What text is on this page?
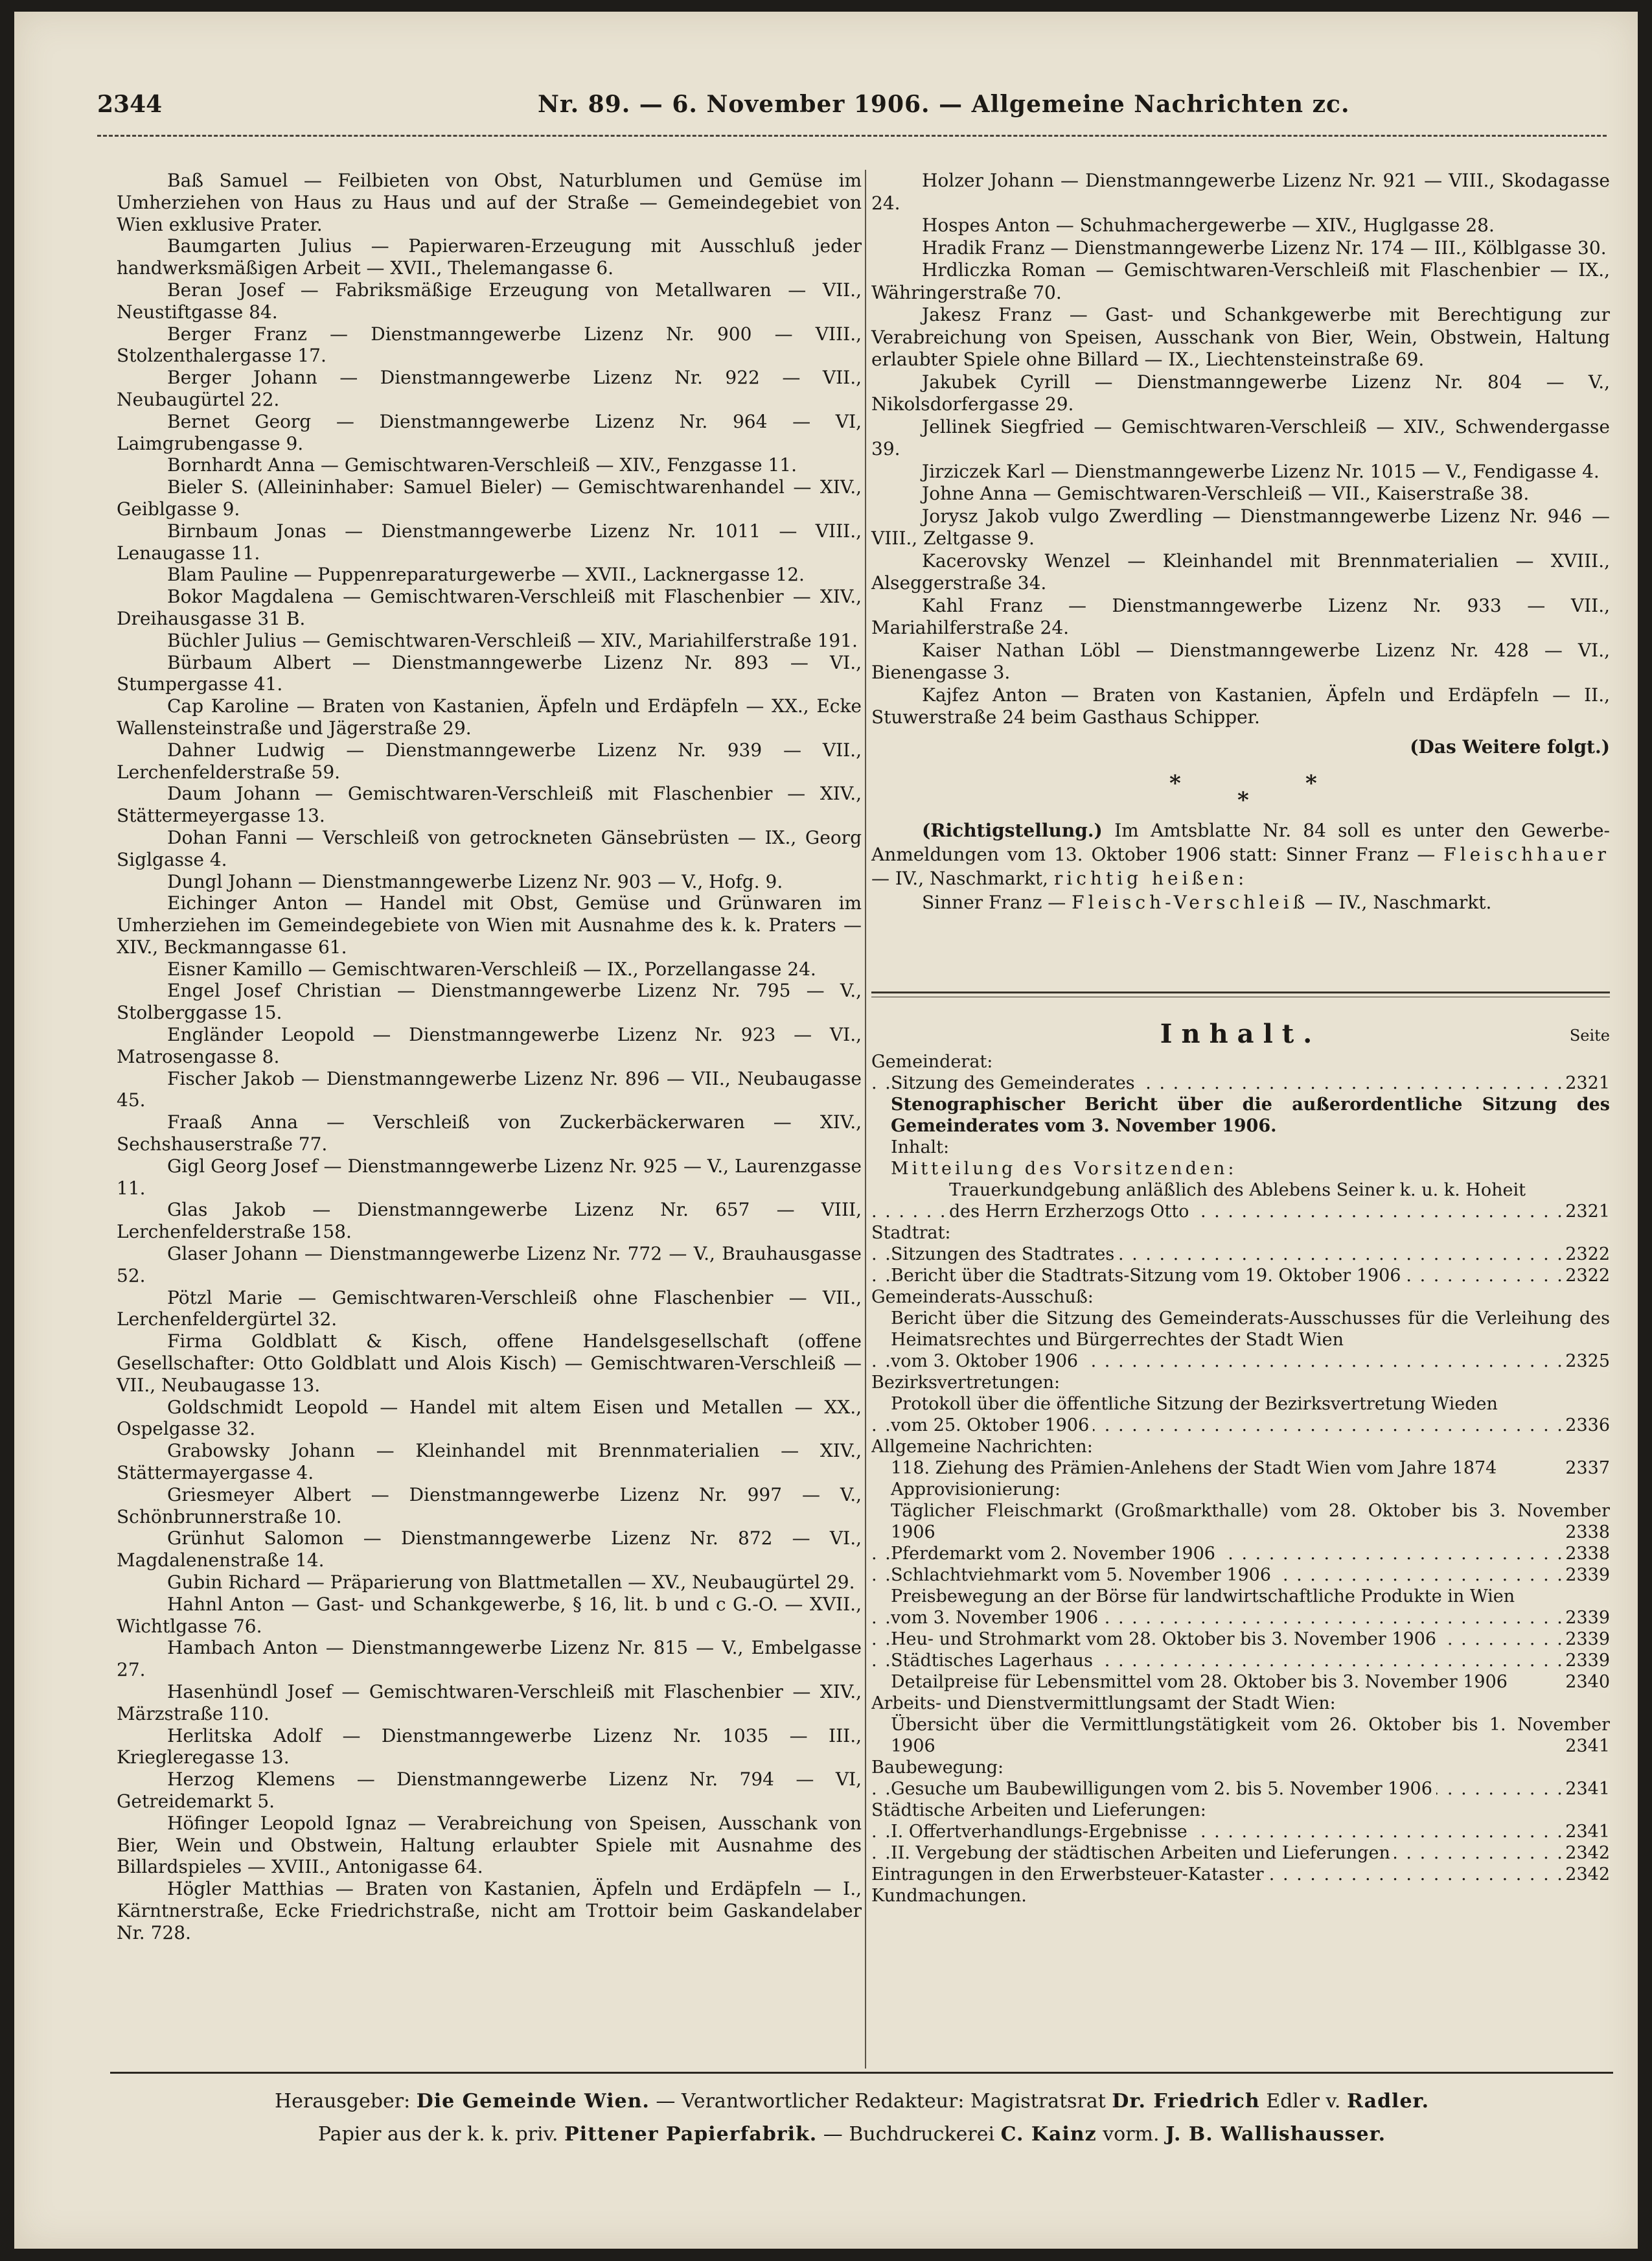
2344	Nr. 89. — 6. November 1906. — Allgemeine Nachrichten zc.

Baß Samuel — Feilbieten von Obst, Naturblumen und Gemüse im Umherziehen von Haus zu Haus und auf der Straße — Gemeindegebiet von Wien exklusive Prater.

Baumgarten Julius — Papierwaren-Erzeugung mit Ausschluß jeder handwerksmäßigen Arbeit — XVII., Thelemangasse 6.

Beran Josef — Fabriksmäßige Erzeugung von Metallwaren — VII., Neustiftgasse 84.

Berger Franz — Dienstmanngewerbe Lizenz Nr. 900 — VIII., Stolzenthalergasse 17.

Berger Johann — Dienstmanngewerbe Lizenz Nr. 922 — VII., Neubaugürtel 22.

Bernet Georg — Dienstmanngewerbe Lizenz Nr. 964 — VI, Laimgrubengasse 9.

Bornhardt Anna — Gemischtwaren-Verschleiß — XIV., Fenzgasse 11.

Bieler S. (Alleininhaber: Samuel Bieler) — Gemischtwarenhandel — XIV., Geiblgasse 9.

Birnbaum Jonas — Dienstmanngewerbe Lizenz Nr. 1011 — VIII., Lenaugasse 11.

Blam Pauline — Puppenreparaturgewerbe — XVII., Lacknergasse 12.

Bokor Magdalena — Gemischtwaren-Verschleiß mit Flaschenbier — XIV., Dreihausgasse 31 B.

Büchler Julius — Gemischtwaren-Verschleiß — XIV., Mariahilferstraße 191.

Bürbaum Albert — Dienstmanngewerbe Lizenz Nr. 893 — VI., Stumpergasse 41.

Cap Karoline — Braten von Kastanien, Äpfeln und Erdäpfeln — XX., Ecke Wallensteinstraße und Jägerstraße 29.

Dahner Ludwig — Dienstmanngewerbe Lizenz Nr. 939 — VII., Lerchenfelderstraße 59.

Daum Johann — Gemischtwaren-Verschleiß mit Flaschenbier — XIV., Stättermeyergasse 13.

Dohan Fanni — Verschleiß von getrockneten Gänsebrüsten — IX., Georg Siglgasse 4.

Dungl Johann — Dienstmanngewerbe Lizenz Nr. 903 — V., Hofg. 9.

Eichinger Anton — Handel mit Obst, Gemüse und Grünwaren im Umherziehen im Gemeindegebiete von Wien mit Ausnahme des k. k. Praters — XIV., Beckmanngasse 61.

Eisner Kamillo — Gemischtwaren-Verschleiß — IX., Porzellangasse 24.

Engel Josef Christian — Dienstmanngewerbe Lizenz Nr. 795 — V., Stolberggasse 15.

Engländer Leopold — Dienstmanngewerbe Lizenz Nr. 923 — VI., Matrosengasse 8.

Fischer Jakob — Dienstmanngewerbe Lizenz Nr. 896 — VII., Neubaugasse 45.

Fraaß Anna — Verschleiß von Zuckerbäckerwaren — XIV., Sechshauserstraße 77.

Gigl Georg Josef — Dienstmanngewerbe Lizenz Nr. 925 — V., Laurenzgasse 11.

Glas Jakob — Dienstmanngewerbe Lizenz Nr. 657 — VIII, Lerchenfelderstraße 158.

Glaser Johann — Dienstmanngewerbe Lizenz Nr. 772 — V., Brauhausgasse 52.

Pötzl Marie — Gemischtwaren-Verschleiß ohne Flaschenbier — VII., Lerchenfeldergürtel 32.

Firma Goldblatt & Kisch, offene Handelsgesellschaft (offene Gesellschafter: Otto Goldblatt und Alois Kisch) — Gemischtwaren-Verschleiß — VII., Neubaugasse 13.

Goldschmidt Leopold — Handel mit altem Eisen und Metallen — XX., Ospelgasse 32.

Grabowsky Johann — Kleinhandel mit Brennmaterialien — XIV., Stättermayergasse 4.

Griesmeyer Albert — Dienstmanngewerbe Lizenz Nr. 997 — V., Schönbrunnerstraße 10.

Grünhut Salomon — Dienstmanngewerbe Lizenz Nr. 872 — VI., Magdalenenstraße 14.

Gubin Richard — Präparierung von Blattmetallen — XV., Neubaugürtel 29.

Hahnl Anton — Gast- und Schankgewerbe, § 16, lit. b und c G.-O. — XVII., Wichtlgasse 76.

Hambach Anton — Dienstmanngewerbe Lizenz Nr. 815 — V., Embelgasse 27.

Hasenhündl Josef — Gemischtwaren-Verschleiß mit Flaschenbier — XIV., Märzstraße 110.

Herlitska Adolf — Dienstmanngewerbe Lizenz Nr. 1035 — III., Kriegleregasse 13.

Herzog Klemens — Dienstmanngewerbe Lizenz Nr. 794 — VI, Getreidemarkt 5.

Höfinger Leopold Ignaz — Verabreichung von Speisen, Ausschank von Bier, Wein und Obstwein, Haltung erlaubter Spiele mit Ausnahme des Billardspieles — XVIII., Antonigasse 64.

Högler Matthias — Braten von Kastanien, Äpfeln und Erdäpfeln — I., Kärntnerstraße, Ecke Friedrichstraße, nicht am Trottoir beim Gaskandelaber Nr. 728.

Holzer Johann — Dienstmanngewerbe Lizenz Nr. 921 — VIII., Skodagasse 24.

Hospes Anton — Schuhmachergewerbe — XIV., Huglgasse 28.

Hradik Franz — Dienstmanngewerbe Lizenz Nr. 174 — III., Kölblgasse 30.

Hrdliczka Roman — Gemischtwaren-Verschleiß mit Flaschenbier — IX., Währingerstraße 70.

Jakesz Franz — Gast- und Schankgewerbe mit Berechtigung zur Verabreichung von Speisen, Ausschank von Bier, Wein, Obstwein, Haltung erlaubter Spiele ohne Billard — IX., Liechtensteinstraße 69.

Jakubek Cyrill — Dienstmanngewerbe Lizenz Nr. 804 — V., Nikolsdorfergasse 29.

Jellinek Siegfried — Gemischtwaren-Verschleiß — XIV., Schwendergasse 39.

Jirziczek Karl — Dienstmanngewerbe Lizenz Nr. 1015 — V., Fendigasse 4.

Johne Anna — Gemischtwaren-Verschleiß — VII., Kaiserstraße 38.

Jorysz Jakob vulgo Zwerdling — Dienstmanngewerbe Lizenz Nr. 946 — VIII., Zeltgasse 9.

Kacerovsky Wenzel — Kleinhandel mit Brennmaterialien — XVIII., Alseggerstraße 34.

Kahl Franz — Dienstmanngewerbe Lizenz Nr. 933 — VII., Mariahilferstraße 24.

Kaiser Nathan Löbl — Dienstmanngewerbe Lizenz Nr. 428 — VI., Bienengasse 3.

Kajfez Anton — Braten von Kastanien, Äpfeln und Erdäpfeln — II., Stuwerstraße 24 beim Gasthaus Schipper.

(Das Weitere folgt.)

*	*
*

(Richtigstellung.) Im Amtsblatte Nr. 84 soll es unter den Gewerbe-Anmeldungen vom 13. Oktober 1906 statt: Sinner Franz — Fleischhauer — IV., Naschmarkt, richtig heißen:

Sinner Franz — Fleisch-Verschleiß — IV., Naschmarkt.

Inhalt.	Seite
Gemeinderat:
Sitzung des Gemeinderates	2321
. . .
Stenographischer Bericht über die außerordentliche Sitzung des Gemeinderates vom 3. November 1906.
Inhalt:
Mitteilung des Vorsitzenden:
Trauerkundgebung anläßlich des Ablebens Seiner k. u. k. Hoheit
des Herrn Erzherzogs Otto	2321
. . .
Stadtrat:
Sitzungen des Stadtrates	2322
. . .
Bericht über die Stadtrats-Sitzung vom 19. Oktober 1906	2322
. . .
Gemeinderats-Ausschuß:
Bericht über die Sitzung des Gemeinderats-Ausschusses für die Verleihung des Heimatsrechtes und Bürgerrechtes der Stadt Wien
vom 3. Oktober 1906	2325
. . .
Bezirksvertretungen:
Protokoll über die öffentliche Sitzung der Bezirksvertretung Wieden
vom 25. Oktober 1906	2336
. . .
Allgemeine Nachrichten:
118. Ziehung des Prämien-Anlehens der Stadt Wien vom Jahre 1874	2337
Approvisionierung:
Täglicher Fleischmarkt (Großmarkthalle) vom 28. Oktober bis 3. November 1906	2338
Pferdemarkt vom 2. November 1906	2338
. . .
Schlachtviehmarkt vom 5. November 1906	2339
. . .
Preisbewegung an der Börse für landwirtschaftliche Produkte in Wien
vom 3. November 1906	2339
. . .
Heu- und Strohmarkt vom 28. Oktober bis 3. November 1906	2339
. . .
Städtisches Lagerhaus	2339
. . .
Detailpreise für Lebensmittel vom 28. Oktober bis 3. November 1906	2340
Arbeits- und Dienstvermittlungsamt der Stadt Wien:
Übersicht über die Vermittlungstätigkeit vom 26. Oktober bis 1. November 1906	2341
Baubewegung:
Gesuche um Baubewilligungen vom 2. bis 5. November 1906	2341
. . .
Städtische Arbeiten und Lieferungen:
I. Offertverhandlungs-Ergebnisse	2341
. . .
II. Vergebung der städtischen Arbeiten und Lieferungen	2342
. . .
Eintragungen in den Erwerbsteuer-Kataster	2342
. . .
Kundmachungen.
Herausgeber: Die Gemeinde Wien. — Verantwortlicher Redakteur: Magistratsrat Dr. Friedrich Edler v. Radler.
Papier aus der k. k. priv. Pittener Papierfabrik. — Buchdruckerei C. Kainz vorm. J. B. Wallishausser.
